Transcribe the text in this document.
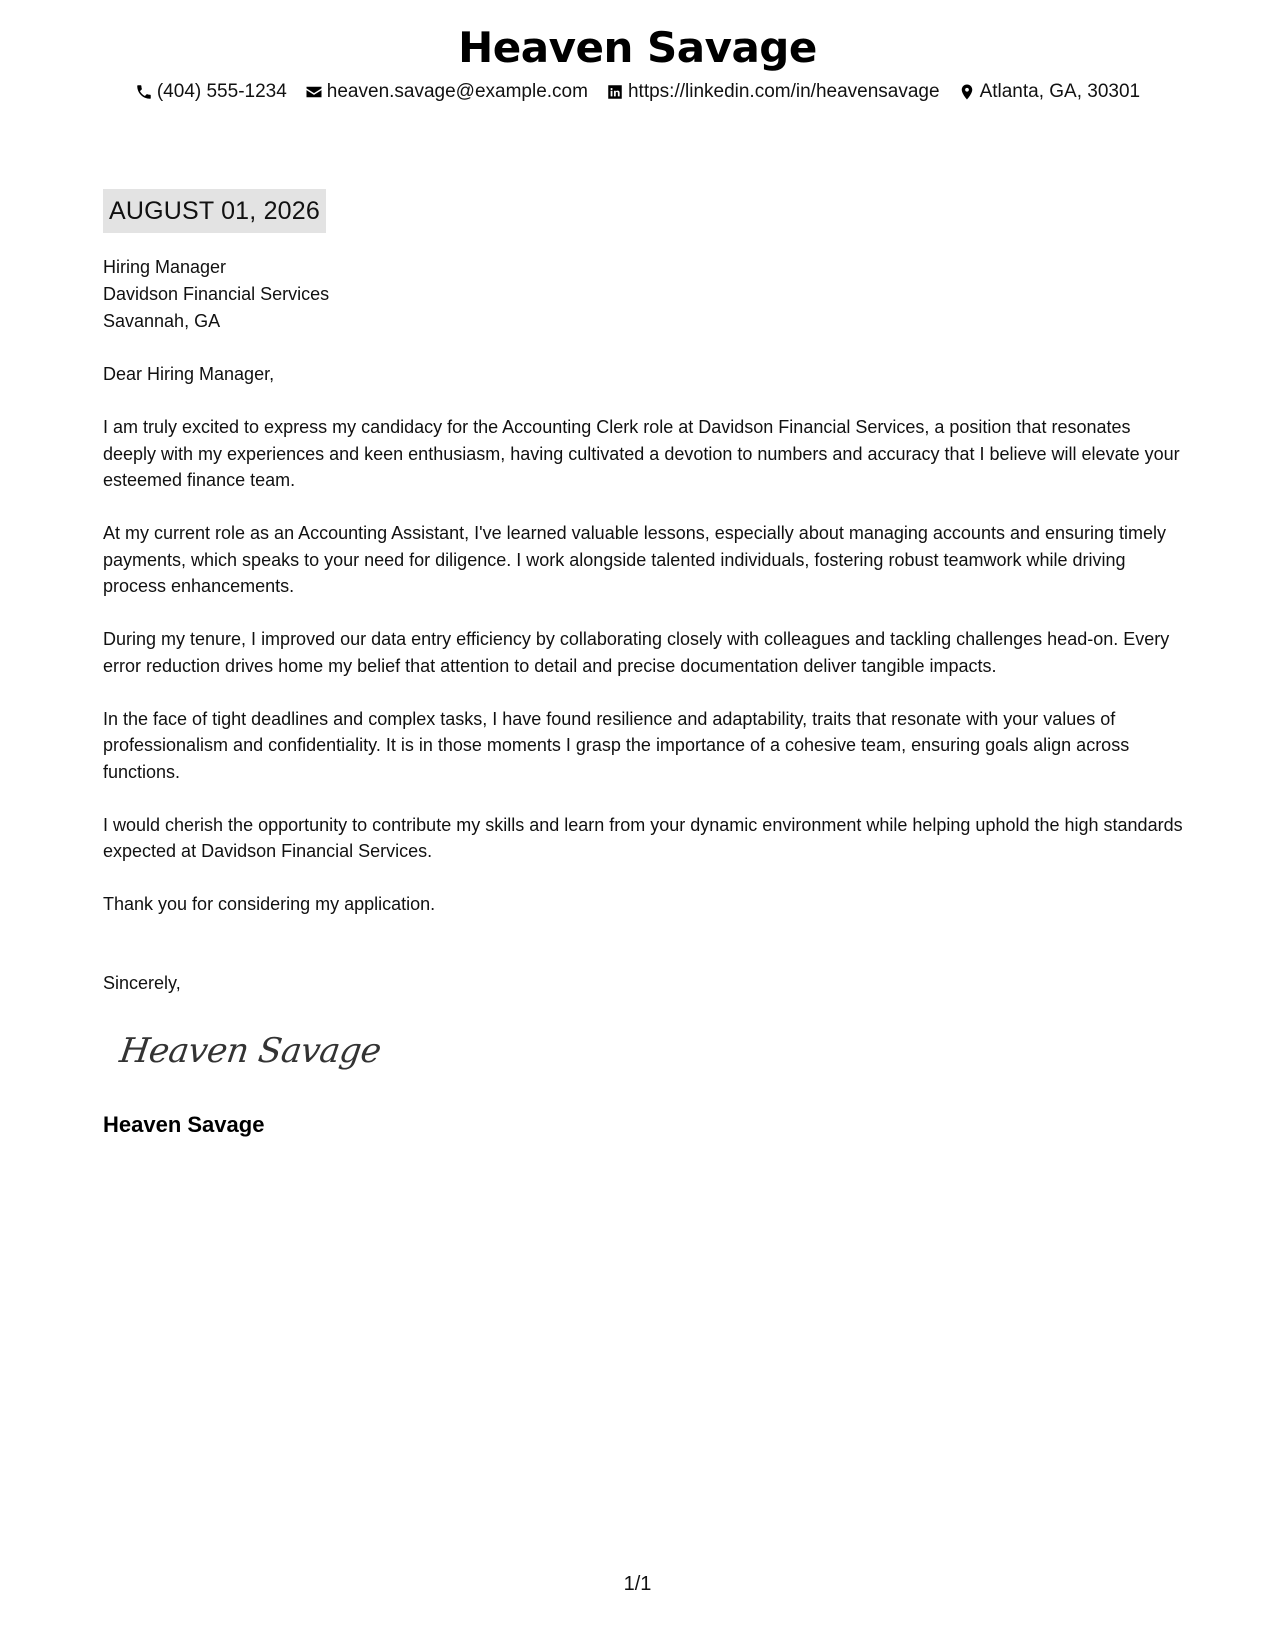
Heaven Savage
(404) 555-1234 heaven.savage@example.com https://linkedin.com/in/heavensavage Atlanta, GA, 30301
AUGUST 01, 2026
Hiring Manager
Davidson Financial Services
Savannah, GA

Dear Hiring Manager,

I am truly excited to express my candidacy for the Accounting Clerk role at Davidson Financial Services, a position that resonates deeply with my experiences and keen enthusiasm, having cultivated a devotion to numbers and accuracy that I believe will elevate your esteemed finance team.

At my current role as an Accounting Assistant, I've learned valuable lessons, especially about managing accounts and ensuring timely payments, which speaks to your need for diligence. I work alongside talented individuals, fostering robust teamwork while driving process enhancements.

During my tenure, I improved our data entry efficiency by collaborating closely with colleagues and tackling challenges head-on. Every error reduction drives home my belief that attention to detail and precise documentation deliver tangible impacts.

In the face of tight deadlines and complex tasks, I have found resilience and adaptability, traits that resonate with your values of professionalism and confidentiality. It is in those moments I grasp the importance of a cohesive team, ensuring goals align across functions.

I would cherish the opportunity to contribute my skills and learn from your dynamic environment while helping uphold the high standards expected at Davidson Financial Services.

Thank you for considering my application.

Sincerely,
Heaven Savage
Heaven Savage
1/1
